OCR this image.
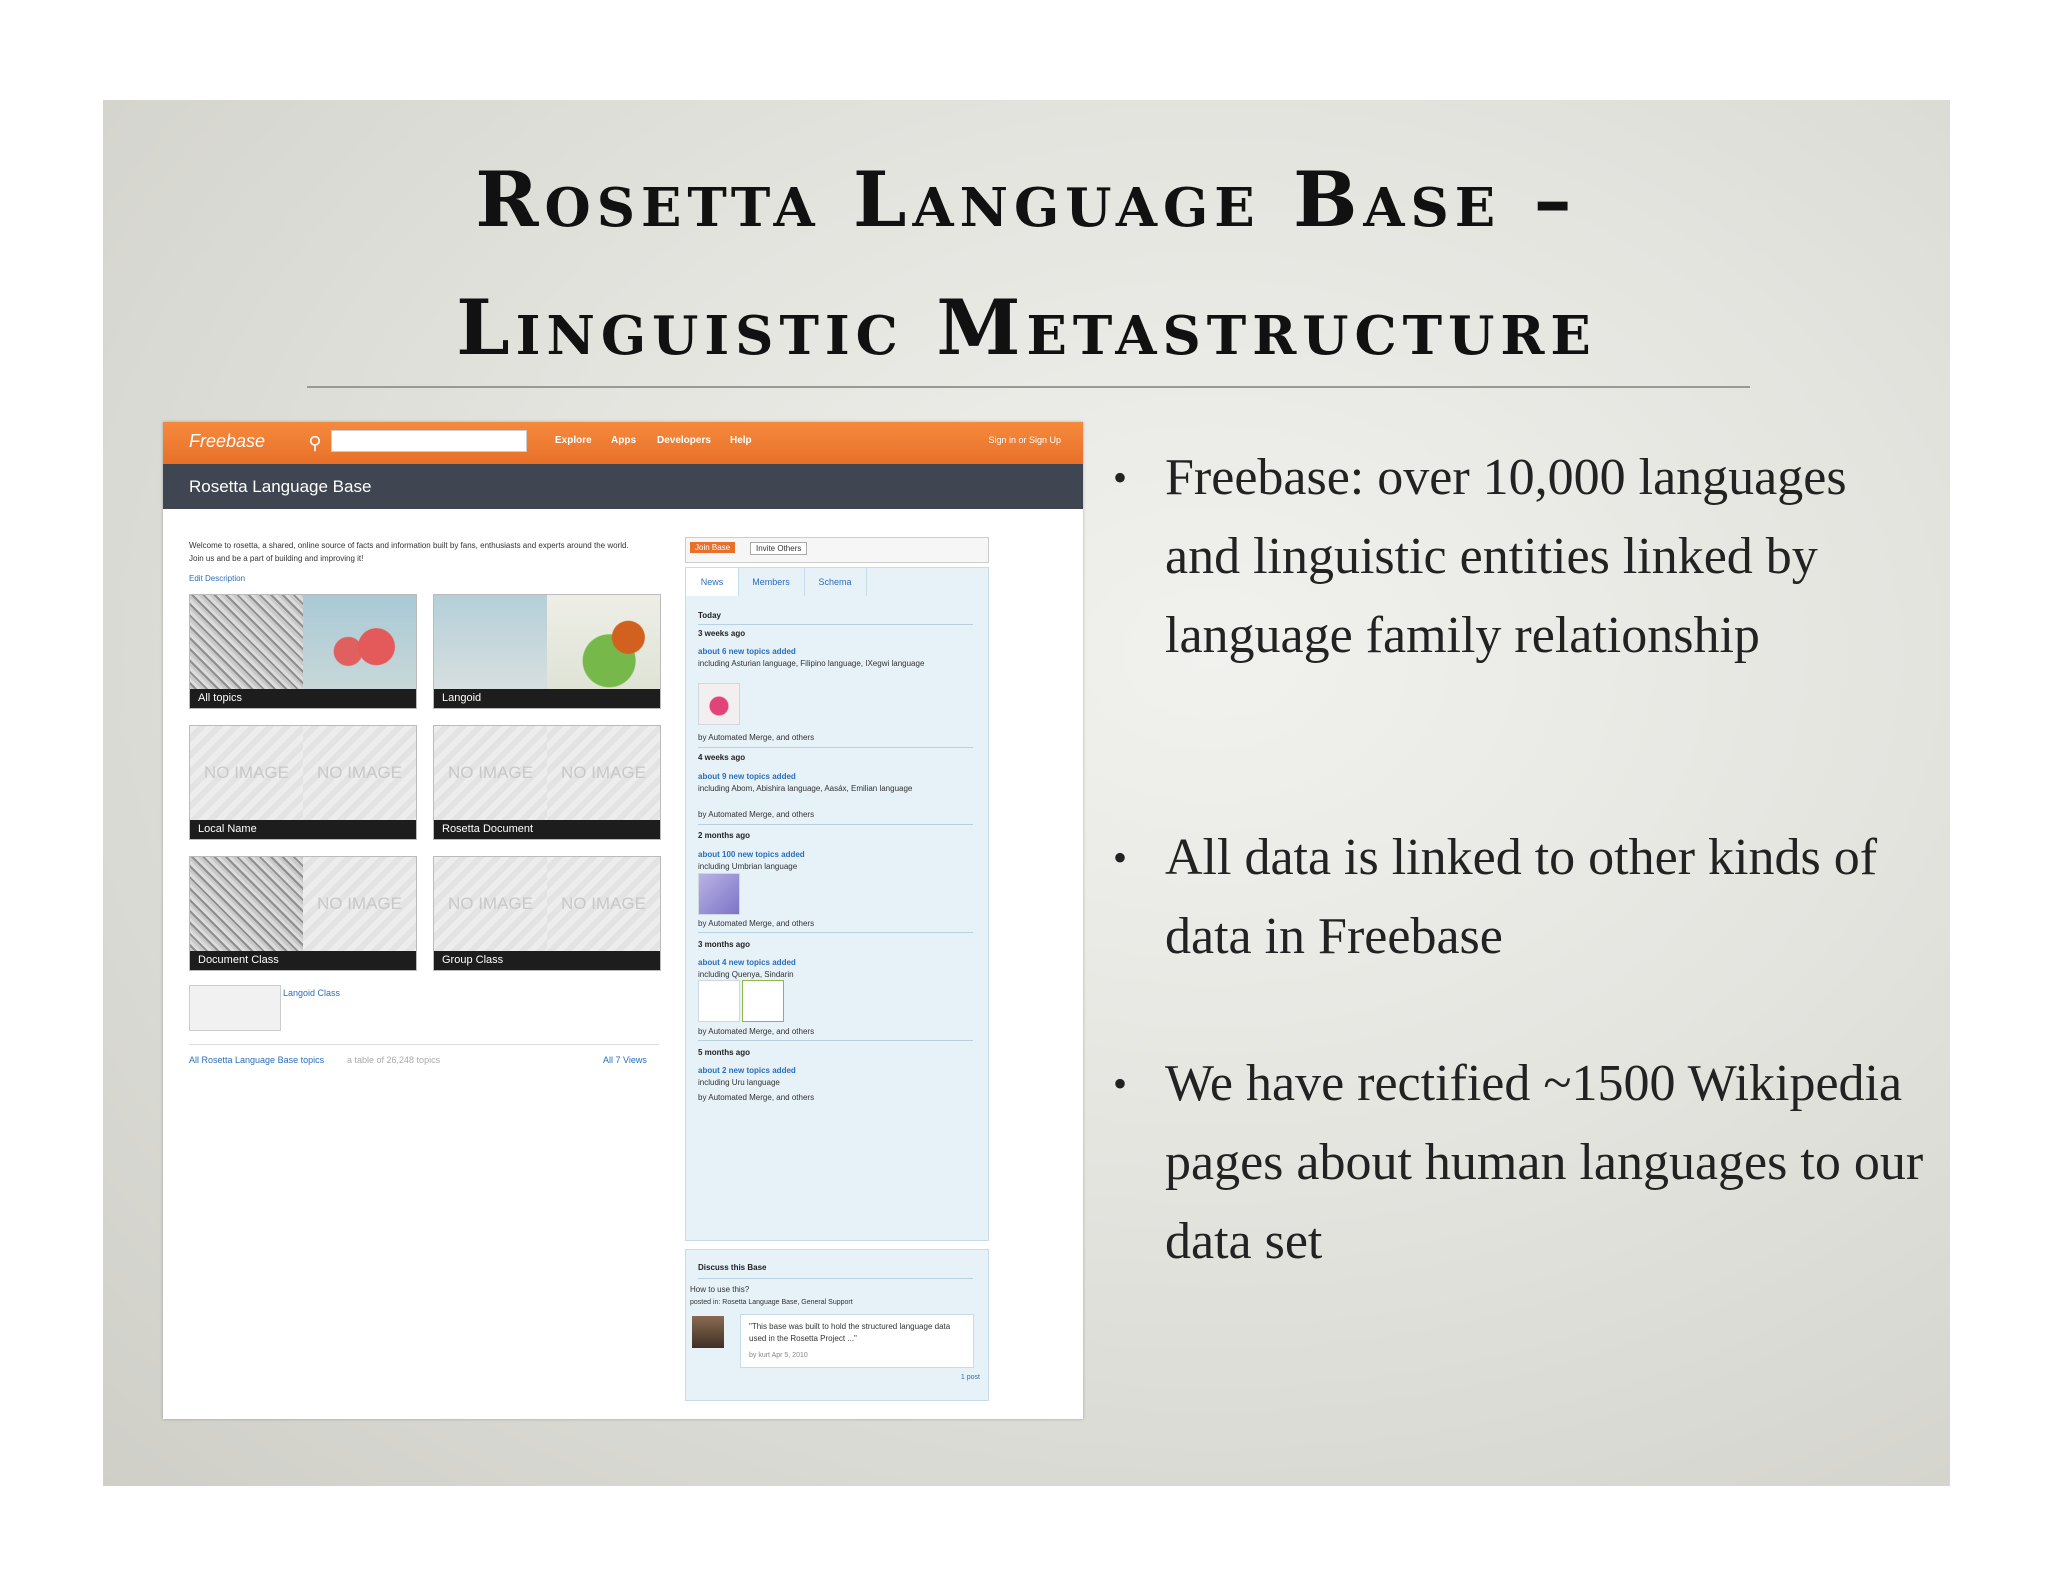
Rosetta Language Base –
Linguistic Metastructure
Freebase	⚲	Explore Apps Developers Help	Sign in or Sign Up
Rosetta Language Base
Welcome to rosetta, a shared, online source of facts and information built by fans, enthusiasts and experts around the world. Join us and be a part of building and improving it!
Edit Description
All topics	Langoid
NO IMAGE	NO IMAGE
Local Name
NO IMAGE	NO IMAGE
Rosetta Document
NO IMAGE
Document Class
NO IMAGE	NO IMAGE
Group Class
Langoid Class
All Rosetta Language Base topics	a table of 26,248 topics	All 7 Views
Join Base	Invite Others
News	Members	Schema
Today
3 weeks ago
about 6 new topics added
including Asturian language, Filipino language, IXegwi language
by Automated Merge, and others
4 weeks ago
about 9 new topics added
including Abom, Abishira language, Aasáx, Emilian language
by Automated Merge, and others
2 months ago
about 100 new topics added
including Umbrian language
by Automated Merge, and others
3 months ago
about 4 new topics added
including Quenya, Sindarin
by Automated Merge, and others
5 months ago
about 2 new topics added
including Uru language
by Automated Merge, and others
Discuss this Base
How to use this?
posted in: Rosetta Language Base, General Support
"This base was built to hold the structured language data used in the Rosetta Project ..."
by kurt Apr 5, 2010
1 post
• Freebase: over 10,000 languages and linguistic entities linked by language family relationship
• All data is linked to other kinds of data in Freebase
• We have rectified ~1500 Wikipedia pages about human languages to our data set
